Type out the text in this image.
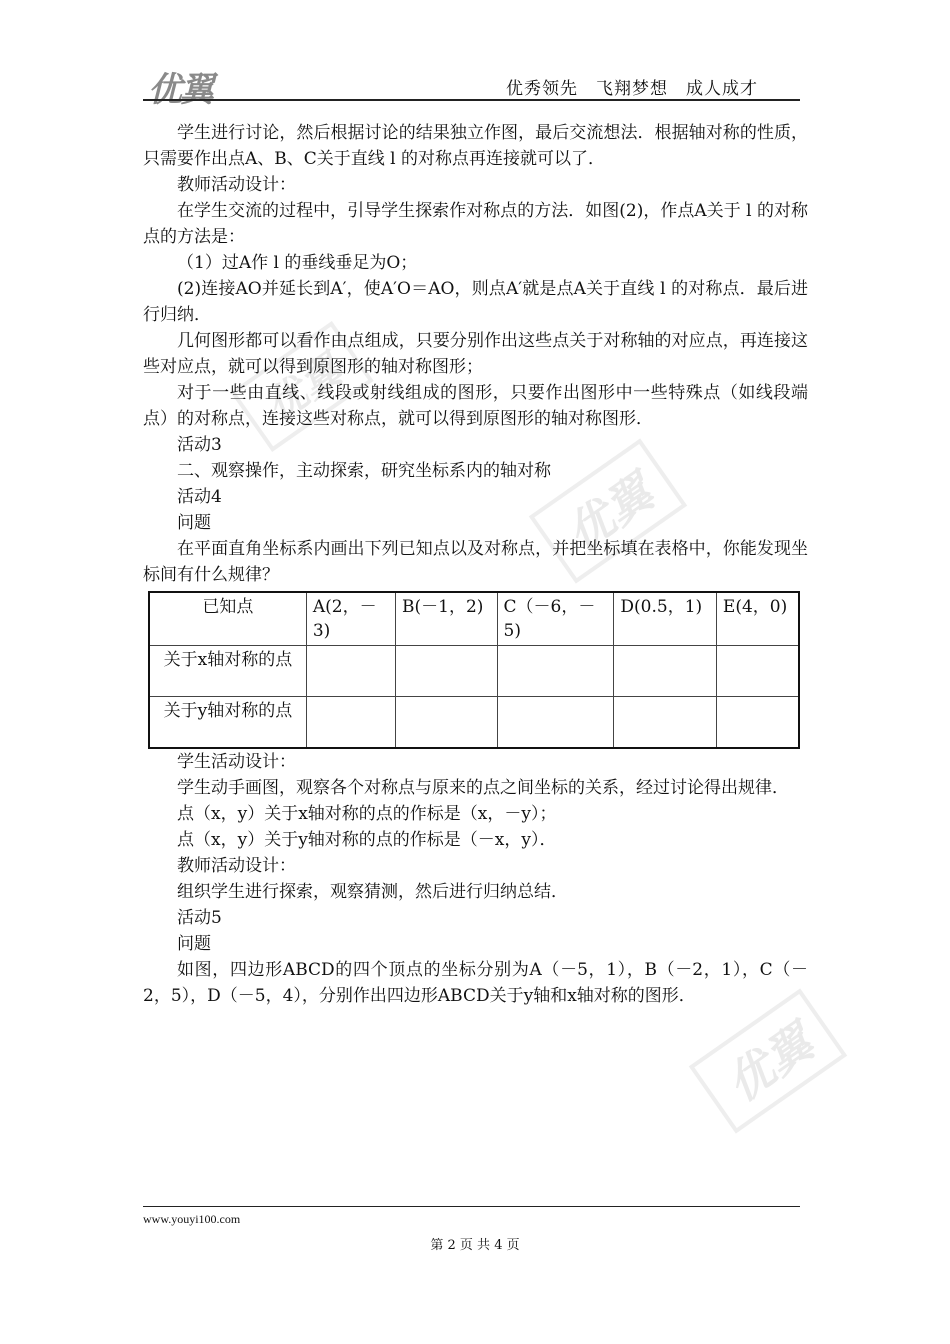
优翼	优秀领先　飞翔梦想　成人成才
优翼
优翼
优翼

学生进行讨论，然后根据讨论的结果独立作图，最后交流想法．根据轴对称的性质，只需要作出点A、B、C关于直线 l 的对称点再连接就可以了．

教师活动设计：

在学生交流的过程中，引导学生探索作对称点的方法．如图(2)，作点A关于 l 的对称点的方法是：

（1）过A作 l 的垂线垂足为O；

(2)连接AO并延长到A′，使A′O＝AO，则点A′就是点A关于直线 l 的对称点．最后进行归纳．

几何图形都可以看作由点组成，只要分别作出这些点关于对称轴的对应点，再连接这些对应点，就可以得到原图形的轴对称图形；

对于一些由直线、线段或射线组成的图形，只要作出图形中一些特殊点（如线段端点）的对称点，连接这些对称点，就可以得到原图形的轴对称图形．

活动3

二、观察操作，主动探索，研究坐标系内的轴对称

活动4

问题

在平面直角坐标系内画出下列已知点以及对称点，并把坐标填在表格中，你能发现坐标间有什么规律？

已知点	A(2，－3)	B(－1，2)	C（－6，－5)	D(0.5，1)	E(4，0)
关于x轴对称的点					
关于y轴对称的点					

学生活动设计：

学生动手画图，观察各个对称点与原来的点之间坐标的关系，经过讨论得出规律．

点（x，y）关于x轴对称的点的作标是（x，－y）；

点（x，y）关于y轴对称的点的作标是（－x，y）．

教师活动设计：

组织学生进行探索，观察猜测，然后进行归纳总结．

活动5

问题

如图，四边形ABCD的四个顶点的坐标分别为A（－5，1），B（－2，1），C（－2，5），D（－5，4），分别作出四边形ABCD关于y轴和x轴对称的图形．

www.youyi100.com
第 2 页 共 4 页
